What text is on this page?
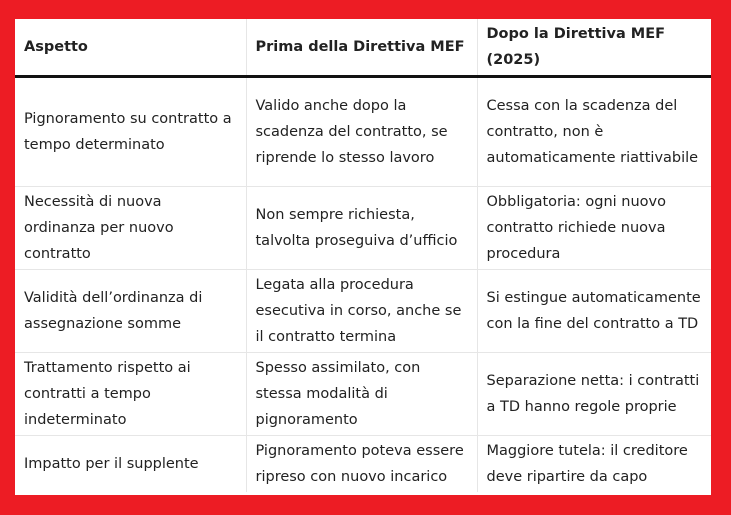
Aspetto	Prima della Direttiva MEF	Dopo la Direttiva MEF (2025)
Pignoramento su contratto a tempo determinato	Valido anche dopo la scadenza del contratto, se riprende lo stesso lavoro	Cessa con la scadenza del contratto, non è automaticamente riattivabile
Necessità di nuova ordinanza per nuovo contratto	Non sempre richiesta, talvolta proseguiva d’ufficio	Obbligatoria: ogni nuovo contratto richiede nuova procedura
Validità dell’ordinanza di assegnazione somme	Legata alla procedura esecutiva in corso, anche se il contratto termina	Si estingue automaticamente con la fine del contratto a TD
Trattamento rispetto ai contratti a tempo indeterminato	Spesso assimilato, con stessa modalità di pignoramento	Separazione netta: i contratti a TD hanno regole proprie
Impatto per il supplente	Pignoramento poteva essere ripreso con nuovo incarico	Maggiore tutela: il creditore deve ripartire da capo
